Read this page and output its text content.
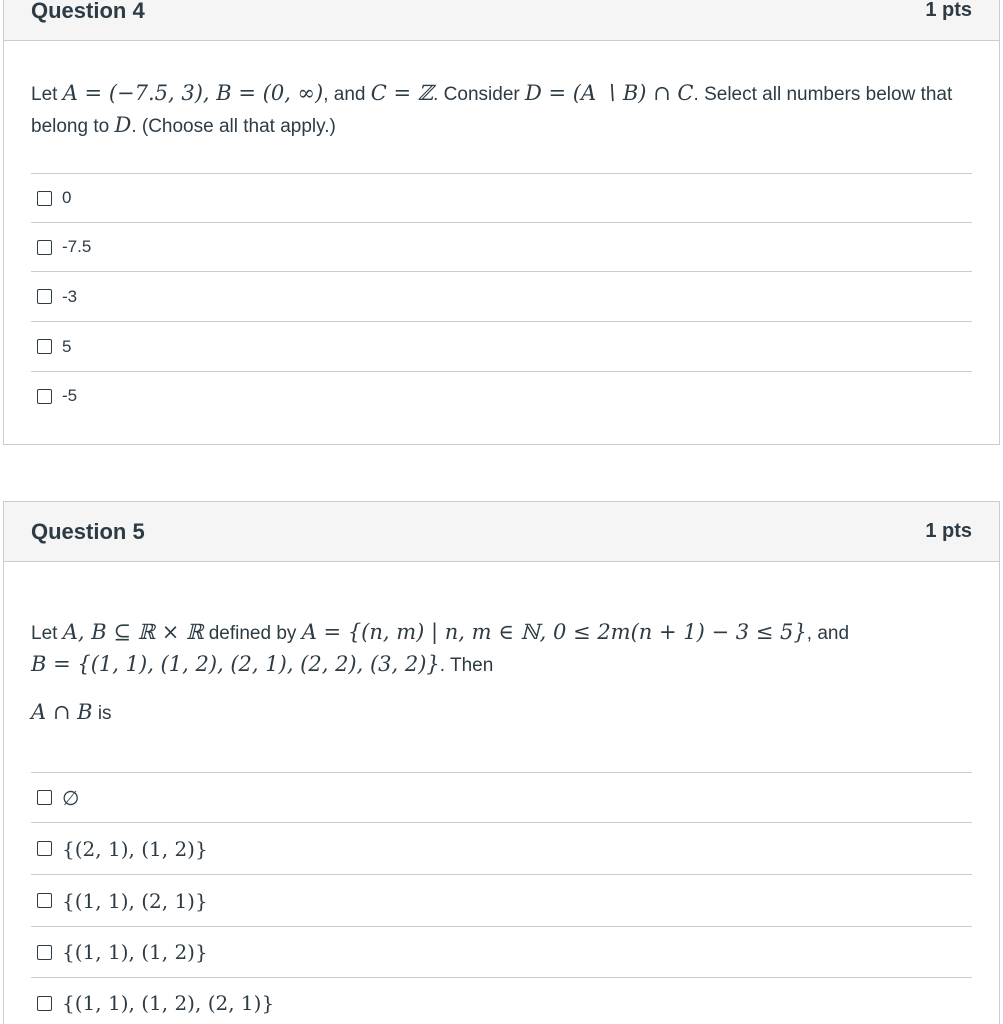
Question 4	1 pts
Let A = (−7.5, 3), B = (0, ∞), and C = ℤ. Consider D = (A ∖ B) ∩ C. Select all numbers below that belong to D. (Choose all that apply.)
0
-7.5
-3
5
-5
Question 5	1 pts
Let A, B ⊆ ℝ × ℝ defined by A = {(n, m) | n, m ∈ ℕ, 0 ≤ 2m(n + 1) − 3 ≤ 5}, and
B = {(1, 1), (1, 2), (2, 1), (2, 2), (3, 2)}. Then
A ∩ B is
∅
{(2, 1), (1, 2)}
{(1, 1), (2, 1)}
{(1, 1), (1, 2)}
{(1, 1), (1, 2), (2, 1)}
